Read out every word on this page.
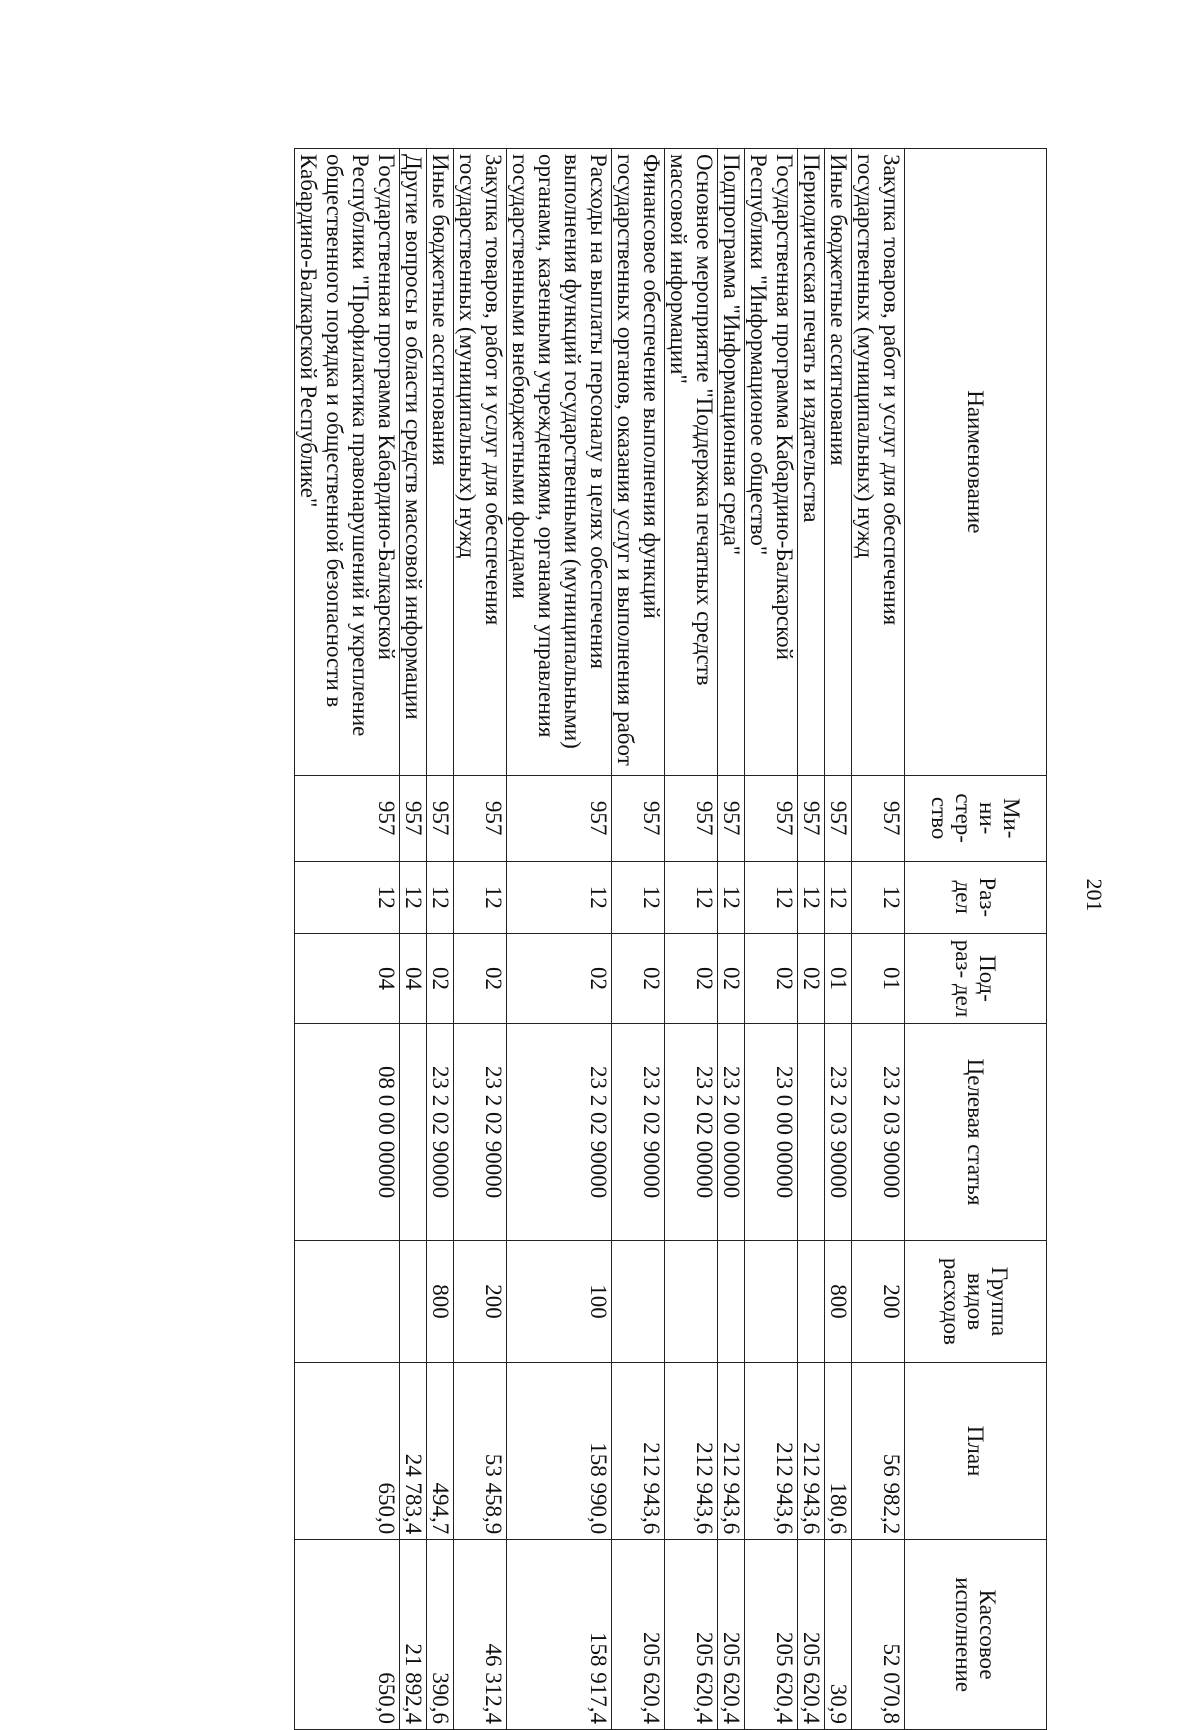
201
Наименование	Ми- ни- стер- ство	Раз- дел	Под- раз- дел	Целевая статья	Группа видов расходов	План	Кассовое исполнение
Закупка товаров, работ и услуг для обеспечения государственных (муниципальных) нужд	957	12	01	23 2 03 90000	200	56 982,2	52 070,8
Иные бюджетные ассигнования	957	12	01	23 2 03 90000	800	180,6	30,9
Периодическая печать и издательства	957	12	02			212 943,6	205 620,4
Государственная программа Кабардино-Балкарской Республики "Информационое общество"	957	12	02	23 0 00 00000		212 943,6	205 620,4
Подпрограмма "Информационная среда"	957	12	02	23 2 00 00000		212 943,6	205 620,4
Основное мероприятие "Поддержка печатных средств массовой информации"	957	12	02	23 2 02 00000		212 943,6	205 620,4
Финансовое обеспечение выполнения функций государственных органов, оказания услуг и выполнения работ	957	12	02	23 2 02 90000		212 943,6	205 620,4
Расходы на выплаты персоналу в целях обеспечения выполнения функций государственными (муниципальными) органами, казенными учреждениями, органами управления государственными внебюджетными фондами	957	12	02	23 2 02 90000	100	158 990,0	158 917,4
Закупка товаров, работ и услуг для обеспечения государственных (муниципальных) нужд	957	12	02	23 2 02 90000	200	53 458,9	46 312,4
Иные бюджетные ассигнования	957	12	02	23 2 02 90000	800	494,7	390,6
Другие вопросы в области средств массовой информации	957	12	04			24 783,4	21 892,4
Государственная программа Кабардино-Балкарской Республики "Профилактика правонарушений и укрепление общественного порядка и общественной безопасности в Кабардино-Балкарской Республике"	957	12	04	08 0 00 00000		650,0	650,0
